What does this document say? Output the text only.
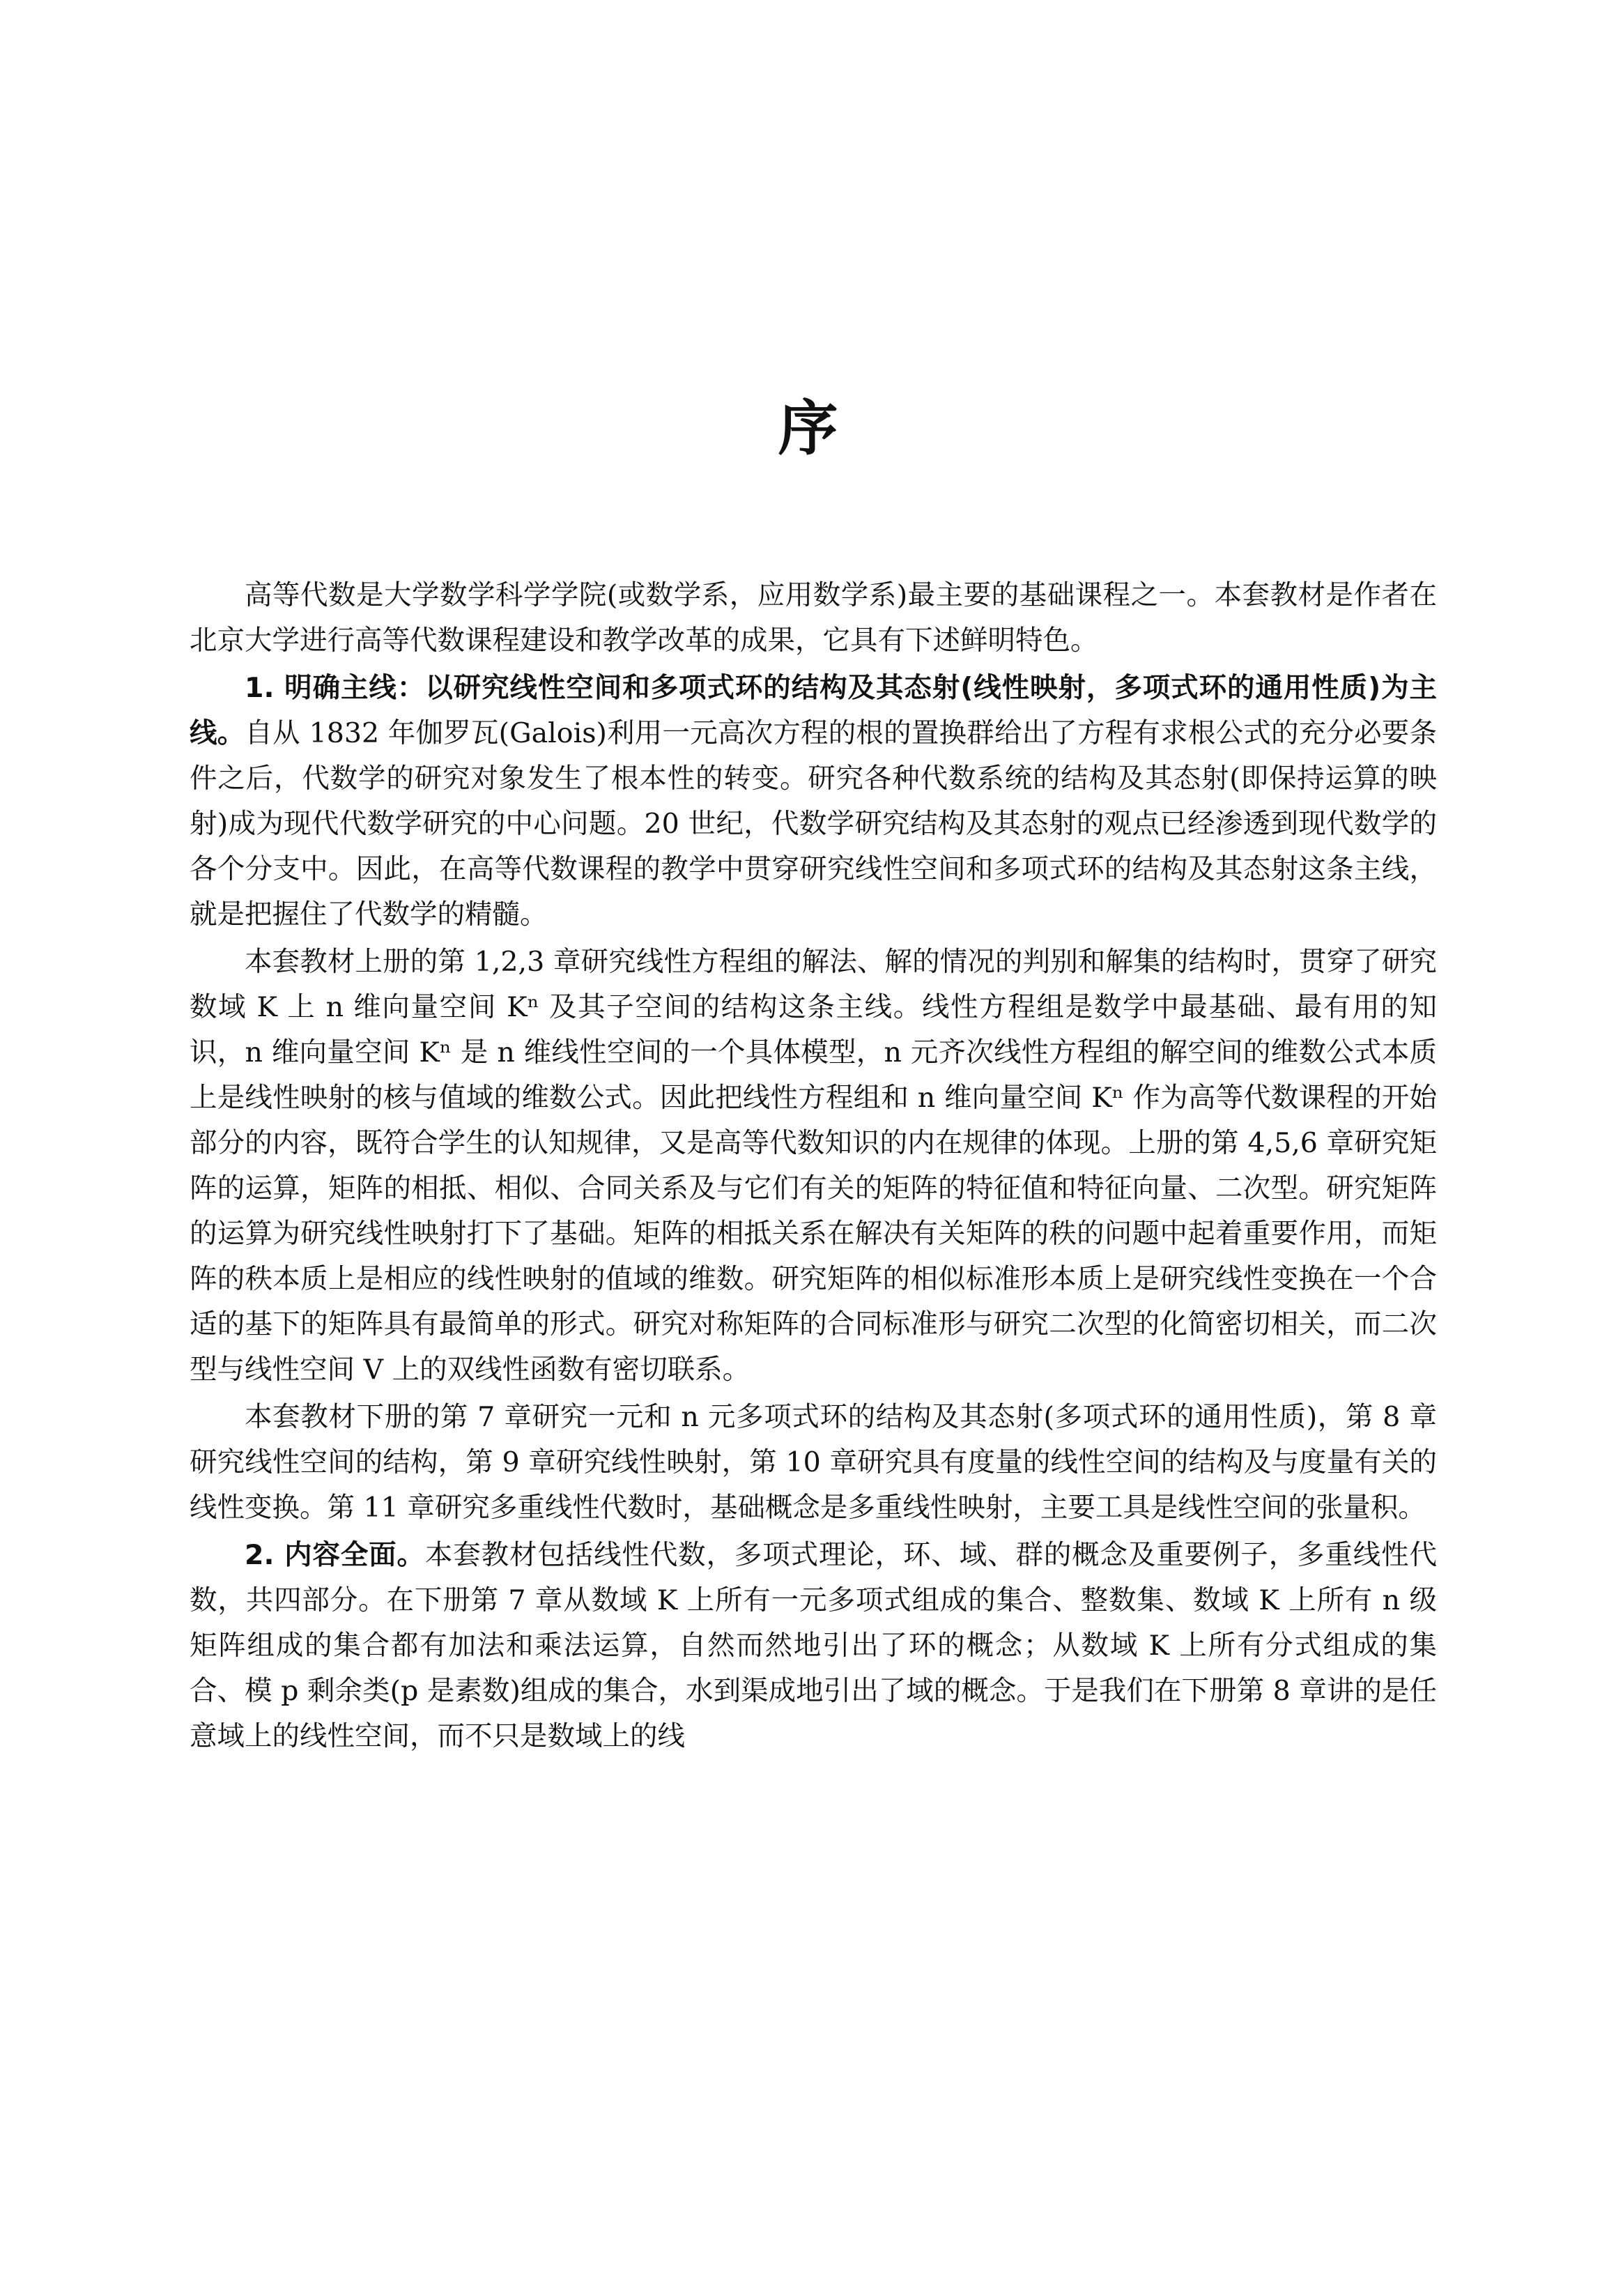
序

高等代数是大学数学科学学院(或数学系，应用数学系)最主要的基础课程之一。本套教材是作者在北京大学进行高等代数课程建设和教学改革的成果，它具有下述鲜明特色。

1. 明确主线：以研究线性空间和多项式环的结构及其态射(线性映射，多项式环的通用性质)为主线。自从 1832 年伽罗瓦(Galois)利用一元高次方程的根的置换群给出了方程有求根公式的充分必要条件之后，代数学的研究对象发生了根本性的转变。研究各种代数系统的结构及其态射(即保持运算的映射)成为现代代数学研究的中心问题。20 世纪，代数学研究结构及其态射的观点已经渗透到现代数学的各个分支中。因此，在高等代数课程的教学中贯穿研究线性空间和多项式环的结构及其态射这条主线，就是把握住了代数学的精髓。

本套教材上册的第 1,2,3 章研究线性方程组的解法、解的情况的判别和解集的结构时，贯穿了研究数域 K 上 n 维向量空间 Kⁿ 及其子空间的结构这条主线。线性方程组是数学中最基础、最有用的知识，n 维向量空间 Kⁿ 是 n 维线性空间的一个具体模型，n 元齐次线性方程组的解空间的维数公式本质上是线性映射的核与值域的维数公式。因此把线性方程组和 n 维向量空间 Kⁿ 作为高等代数课程的开始部分的内容，既符合学生的认知规律，又是高等代数知识的内在规律的体现。上册的第 4,5,6 章研究矩阵的运算，矩阵的相抵、相似、合同关系及与它们有关的矩阵的特征值和特征向量、二次型。研究矩阵的运算为研究线性映射打下了基础。矩阵的相抵关系在解决有关矩阵的秩的问题中起着重要作用，而矩阵的秩本质上是相应的线性映射的值域的维数。研究矩阵的相似标准形本质上是研究线性变换在一个合适的基下的矩阵具有最简单的形式。研究对称矩阵的合同标准形与研究二次型的化简密切相关，而二次型与线性空间 V 上的双线性函数有密切联系。

本套教材下册的第 7 章研究一元和 n 元多项式环的结构及其态射(多项式环的通用性质)，第 8 章研究线性空间的结构，第 9 章研究线性映射，第 10 章研究具有度量的线性空间的结构及与度量有关的线性变换。第 11 章研究多重线性代数时，基础概念是多重线性映射，主要工具是线性空间的张量积。

2. 内容全面。本套教材包括线性代数，多项式理论，环、域、群的概念及重要例子，多重线性代数，共四部分。在下册第 7 章从数域 K 上所有一元多项式组成的集合、整数集、数域 K 上所有 n 级矩阵组成的集合都有加法和乘法运算，自然而然地引出了环的概念；从数域 K 上所有分式组成的集合、模 p 剩余类(p 是素数)组成的集合，水到渠成地引出了域的概念。于是我们在下册第 8 章讲的是任意域上的线性空间，而不只是数域上的线
